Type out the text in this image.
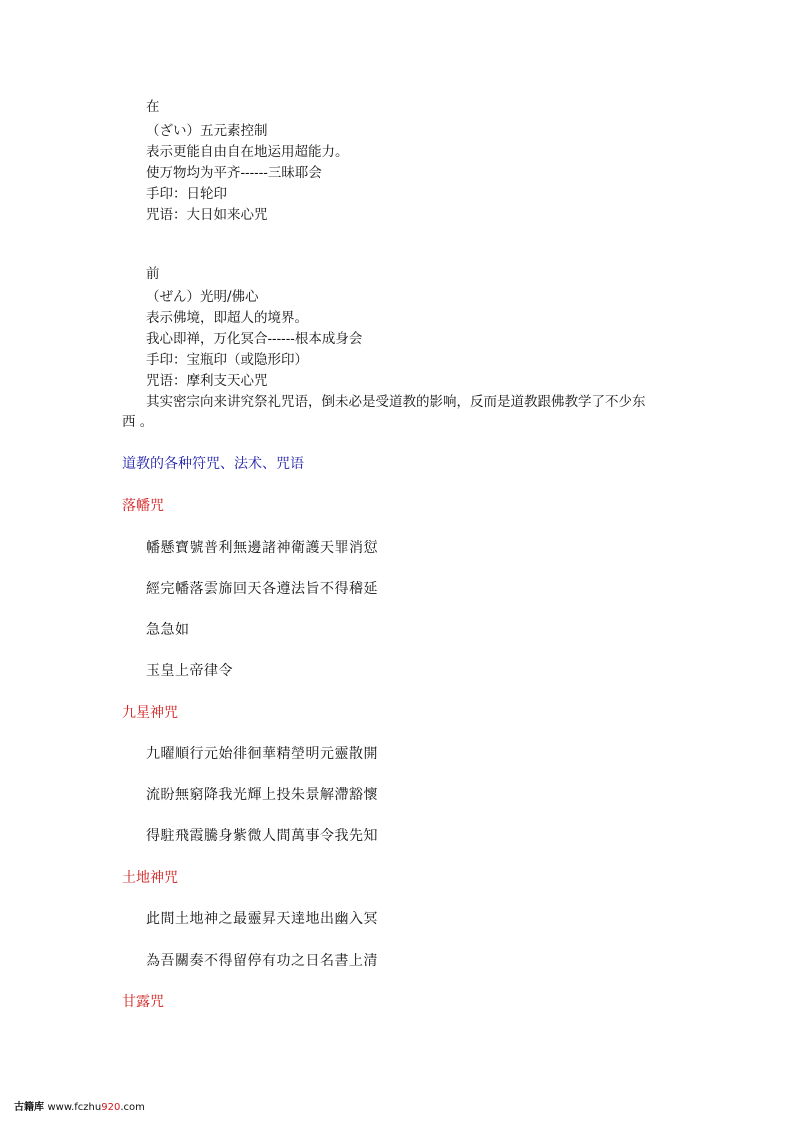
在
（ざい）五元素控制
表示更能自由自在地运用超能力。
使万物均为平齐------三昧耶会
手印：日轮印
咒语：大日如来心咒
前
（ぜん）光明/佛心
表示佛境，即超人的境界。
我心即禅，万化冥合------根本成身会
手印：宝瓶印（或隐形印）
咒语：摩利支天心咒
其实密宗向来讲究祭礼咒语，倒未必是受道教的影响，反而是道教跟佛教学了不少东
西 。
道教的各种符咒、法术、咒语
落幡咒
幡懸寶號普利無邊諸神衛護天罪消愆
經完幡落雲旆回天各遵法旨不得稽延
急急如
玉皇上帝律令
九星神咒
九曜順行元始徘徊華精塋明元靈散開
流盼無窮降我光輝上投朱景解滯豁懷
得駐飛霞騰身紫微人間萬事令我先知
土地神咒
此間土地神之最靈昇天達地出幽入冥
為吾關奏不得留停有功之日名書上清
甘露咒
古籍库 www.fczhu920.com
